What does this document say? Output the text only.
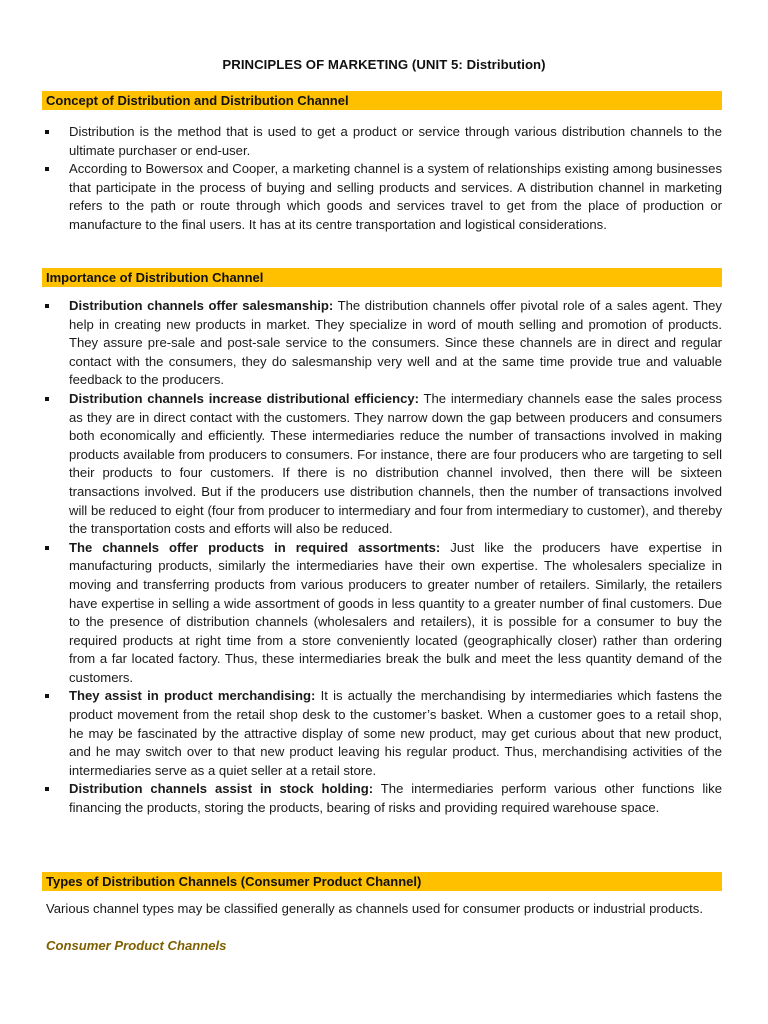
PRINCIPLES OF MARKETING (UNIT 5: Distribution)
Concept of Distribution and Distribution Channel
Distribution is the method that is used to get a product or service through various distribution channels to the ultimate purchaser or end-user.
According to Bowersox and Cooper, a marketing channel is a system of relationships existing among businesses that participate in the process of buying and selling products and services. A distribution channel in marketing refers to the path or route through which goods and services travel to get from the place of production or manufacture to the final users. It has at its centre transportation and logistical considerations.
Importance of Distribution Channel
Distribution channels offer salesmanship: The distribution channels offer pivotal role of a sales agent. They help in creating new products in market. They specialize in word of mouth selling and promotion of products. They assure pre-sale and post-sale service to the consumers. Since these channels are in direct and regular contact with the consumers, they do salesmanship very well and at the same time provide true and valuable feedback to the producers.
Distribution channels increase distributional efficiency: The intermediary channels ease the sales process as they are in direct contact with the customers. They narrow down the gap between producers and consumers both economically and efficiently. These intermediaries reduce the number of transactions involved in making products available from producers to consumers. For instance, there are four producers who are targeting to sell their products to four customers. If there is no distribution channel involved, then there will be sixteen transactions involved. But if the producers use distribution channels, then the number of transactions involved will be reduced to eight (four from producer to intermediary and four from intermediary to customer), and thereby the transportation costs and efforts will also be reduced.
The channels offer products in required assortments: Just like the producers have expertise in manufacturing products, similarly the intermediaries have their own expertise. The wholesalers specialize in moving and transferring products from various producers to greater number of retailers. Similarly, the retailers have expertise in selling a wide assortment of goods in less quantity to a greater number of final customers. Due to the presence of distribution channels (wholesalers and retailers), it is possible for a consumer to buy the required products at right time from a store conveniently located (geographically closer) rather than ordering from a far located factory. Thus, these intermediaries break the bulk and meet the less quantity demand of the customers.
They assist in product merchandising: It is actually the merchandising by intermediaries which fastens the product movement from the retail shop desk to the customer’s basket. When a customer goes to a retail shop, he may be fascinated by the attractive display of some new product, may get curious about that new product, and he may switch over to that new product leaving his regular product. Thus, merchandising activities of the intermediaries serve as a quiet seller at a retail store.
Distribution channels assist in stock holding: The intermediaries perform various other functions like financing the products, storing the products, bearing of risks and providing required warehouse space.
Types of Distribution Channels (Consumer Product Channel)

Various channel types may be classified generally as channels used for consumer products or industrial products.

Consumer Product Channels
